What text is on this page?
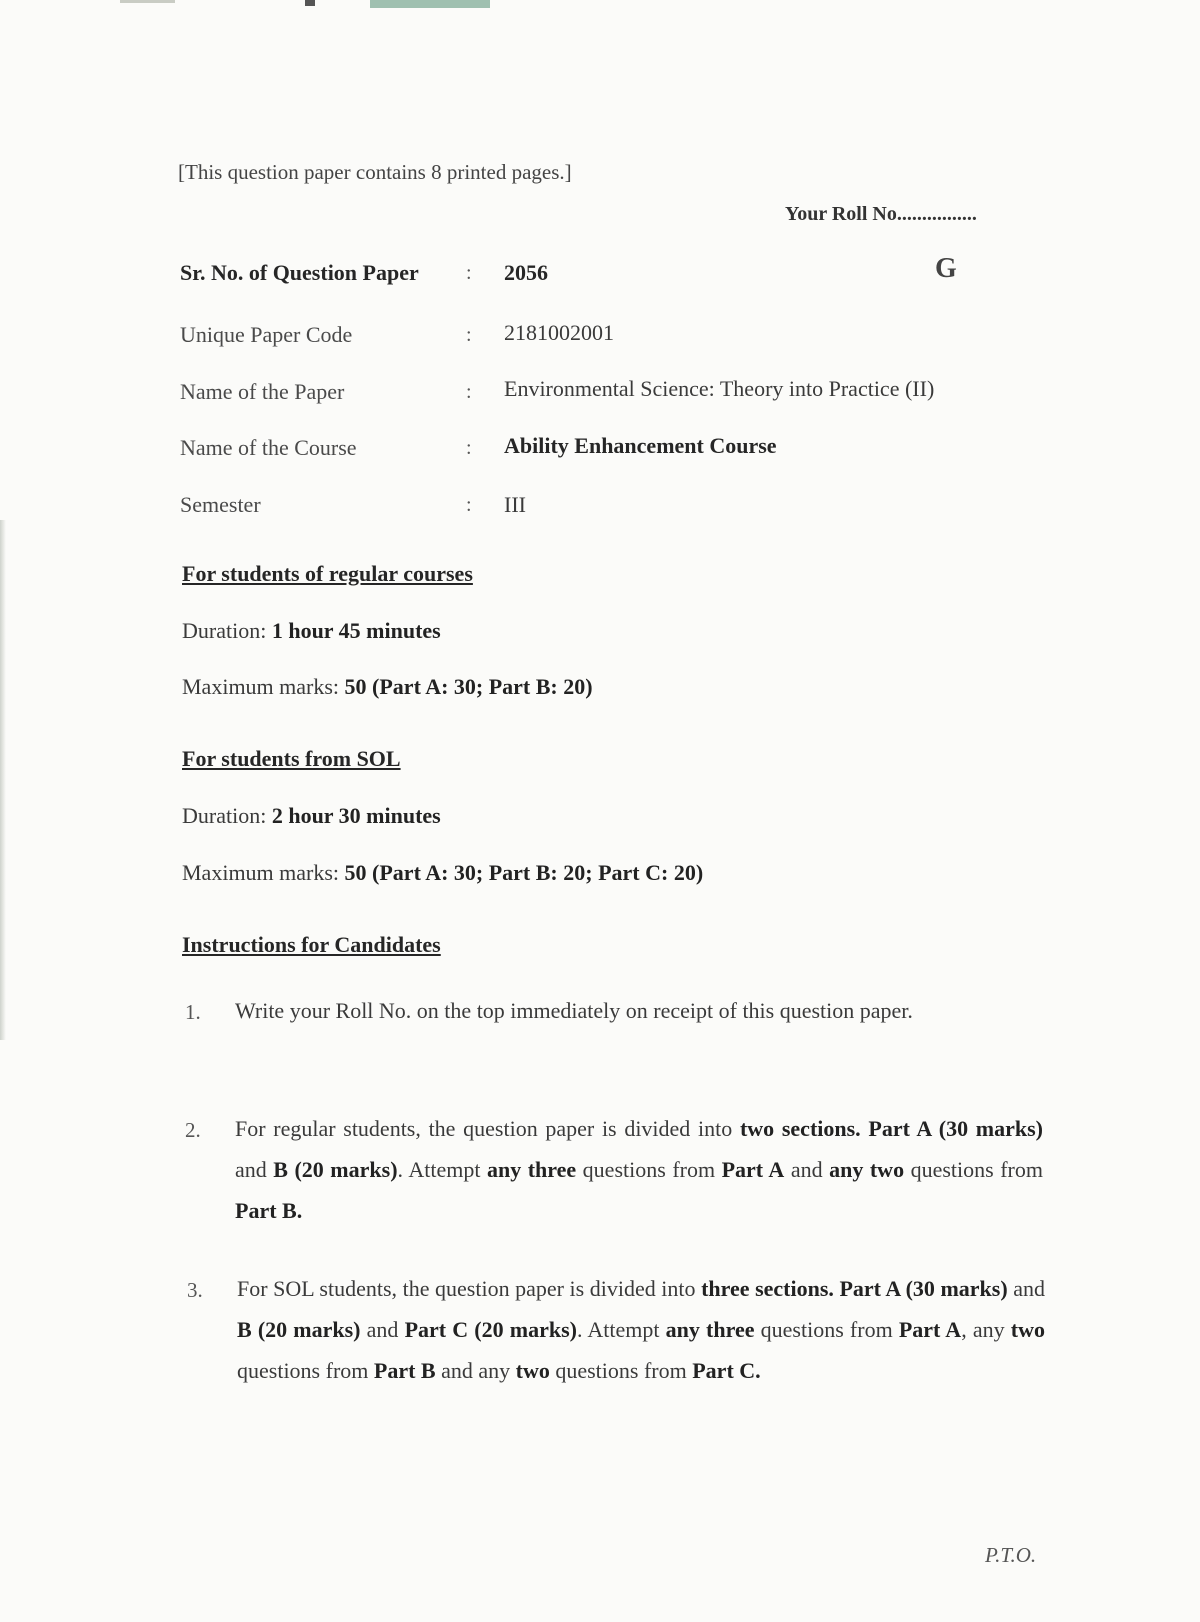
[This question paper contains 8 printed pages.]
Your Roll No................
Sr. No. of Question Paper : 2056	G
Unique Paper Code	: 2181002001
Name of the Paper	: Environmental Science: Theory into Practice (II)
Name of the Course	: Ability Enhancement Course
Semester	: III
For students of regular courses
Duration: 1 hour 45 minutes
Maximum marks: 50 (Part A: 30; Part B: 20)
For students from SOL
Duration: 2 hour 30 minutes
Maximum marks: 50 (Part A: 30; Part B: 20; Part C: 20)
Instructions for Candidates
1. Write your Roll No. on the top immediately on receipt of this question paper.
2. For regular students, the question paper is divided into two sections. Part A (30 marks) and B (20 marks). Attempt any three questions from Part A and any two questions from Part B.
3. For SOL students, the question paper is divided into three sections. Part A (30 marks) and B (20 marks) and Part C (20 marks). Attempt any three questions from Part A, any two questions from Part B and any two questions from Part C.
P.T.O.
